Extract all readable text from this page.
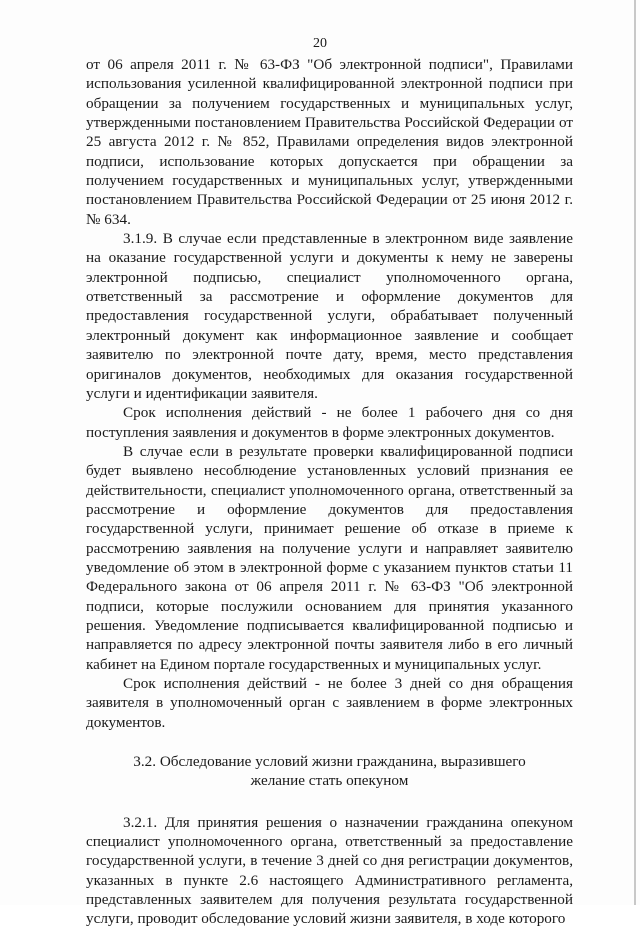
20

от 06 апреля 2011 г. № 63-ФЗ "Об электронной подписи", Правилами использования усиленной квалифицированной электронной подписи при обращении за получением государственных и муниципальных услуг, утвержденными постановлением Правительства Российской Федерации от 25 августа 2012 г. № 852, Правилами определения видов электронной подписи, использование которых допускается при обращении за получением государственных и муниципальных услуг, утвержденными постановлением Правительства Российской Федерации от 25 июня 2012 г. № 634.

3.1.9. В случае если представленные в электронном виде заявление на оказание государственной услуги и документы к нему не заверены электронной подписью, специалист уполномоченного органа, ответственный за рассмотрение и оформление документов для предоставления государственной услуги, обрабатывает полученный электронный документ как информационное заявление и сообщает заявителю по электронной почте дату, время, место представления оригиналов документов, необходимых для оказания государственной услуги и идентификации заявителя.

Срок исполнения действий - не более 1 рабочего дня со дня поступления заявления и документов в форме электронных документов.

В случае если в результате проверки квалифицированной подписи будет выявлено несоблюдение установленных условий признания ее действительности, специалист уполномоченного органа, ответственный за рассмотрение и оформление документов для предоставления государственной услуги, принимает решение об отказе в приеме к рассмотрению заявления на получение услуги и направляет заявителю уведомление об этом в электронной форме с указанием пунктов статьи 11 Федерального закона от 06 апреля 2011 г. № 63-ФЗ "Об электронной подписи, которые послужили основанием для принятия указанного решения. Уведомление подписывается квалифицированной подписью и направляется по адресу электронной почты заявителя либо в его личный кабинет на Едином портале государственных и муниципальных услуг.

Срок исполнения действий - не более 3 дней со дня обращения заявителя в уполномоченный орган с заявлением в форме электронных документов.

3.2. Обследование условий жизни гражданина, выразившего
желание стать опекуном

3.2.1. Для принятия решения о назначении гражданина опекуном специалист уполномоченного органа, ответственный за предоставление государственной услуги, в течение 3 дней со дня регистрации документов, указанных в пункте 2.6 настоящего Административного регламента, представленных заявителем для получения результата государственной услуги, проводит обследование условий жизни заявителя, в ходе которого
